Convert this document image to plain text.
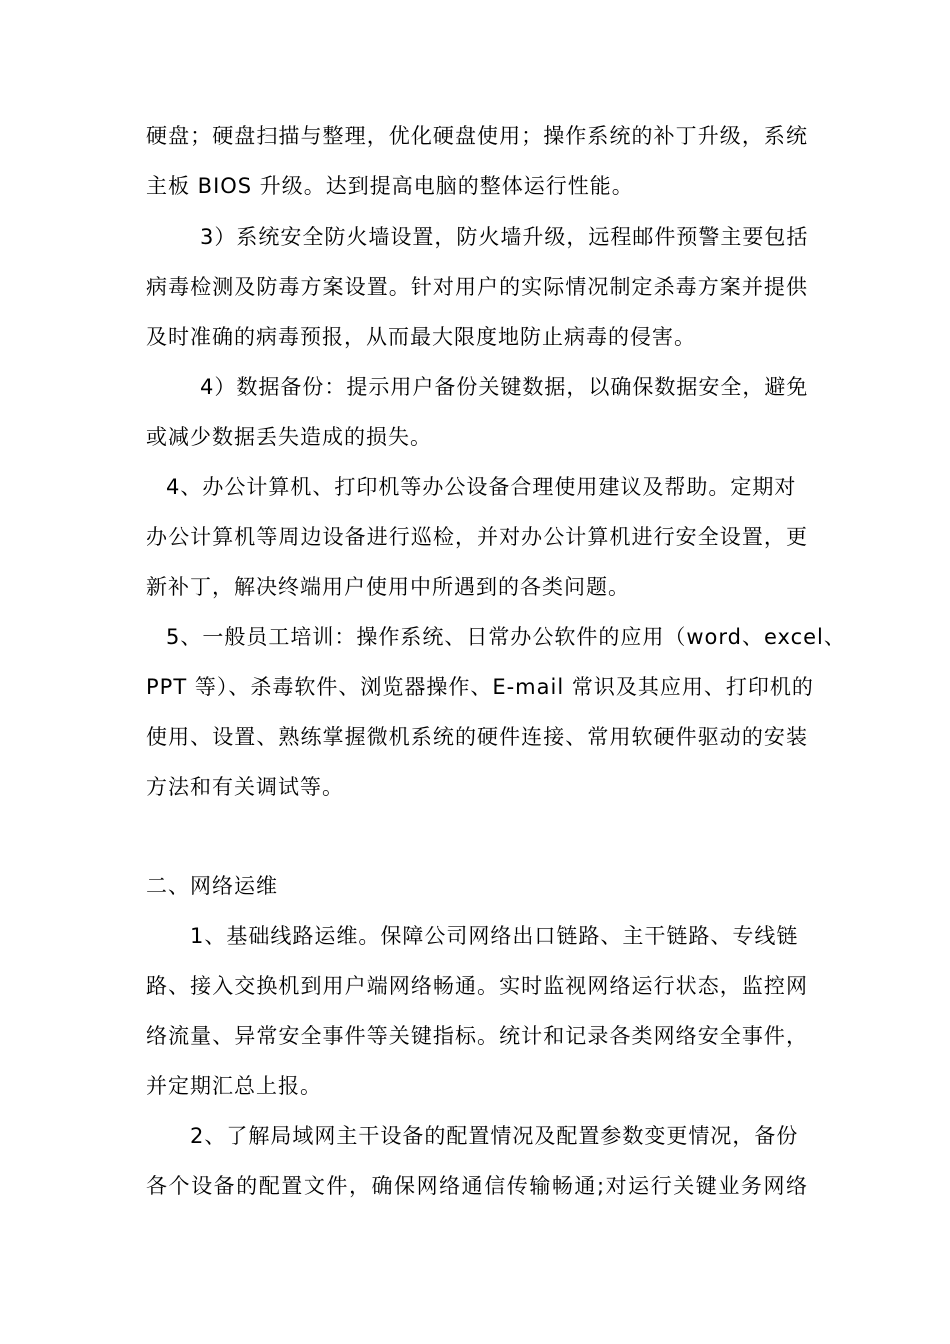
硬盘；硬盘扫描与整理，优化硬盘使用；操作系统的补丁升级，系统
主板 BIOS 升级。达到提高电脑的整体运行性能。
3）系统安全防火墙设置，防火墙升级，远程邮件预警主要包括
病毒检测及防毒方案设置。针对用户的实际情况制定杀毒方案并提供
及时准确的病毒预报，从而最大限度地防止病毒的侵害。
4）数据备份：提示用户备份关键数据，以确保数据安全，避免
或减少数据丢失造成的损失。
4、办公计算机、打印机等办公设备合理使用建议及帮助。定期对
办公计算机等周边设备进行巡检，并对办公计算机进行安全设置，更
新补丁，解决终端用户使用中所遇到的各类问题。
5、一般员工培训：操作系统、日常办公软件的应用（word、excel、
PPT 等）、杀毒软件、浏览器操作、E-mail 常识及其应用、打印机的
使用、设置、熟练掌握微机系统的硬件连接、常用软硬件驱动的安装
方法和有关调试等。
二、网络运维
1、基础线路运维。保障公司网络出口链路、主干链路、专线链
路、接入交换机到用户端网络畅通。实时监视网络运行状态，监控网
络流量、异常安全事件等关键指标。统计和记录各类网络安全事件，
并定期汇总上报。
2、了解局域网主干设备的配置情况及配置参数变更情况，备份
各个设备的配置文件，确保网络通信传输畅通;对运行关键业务网络
